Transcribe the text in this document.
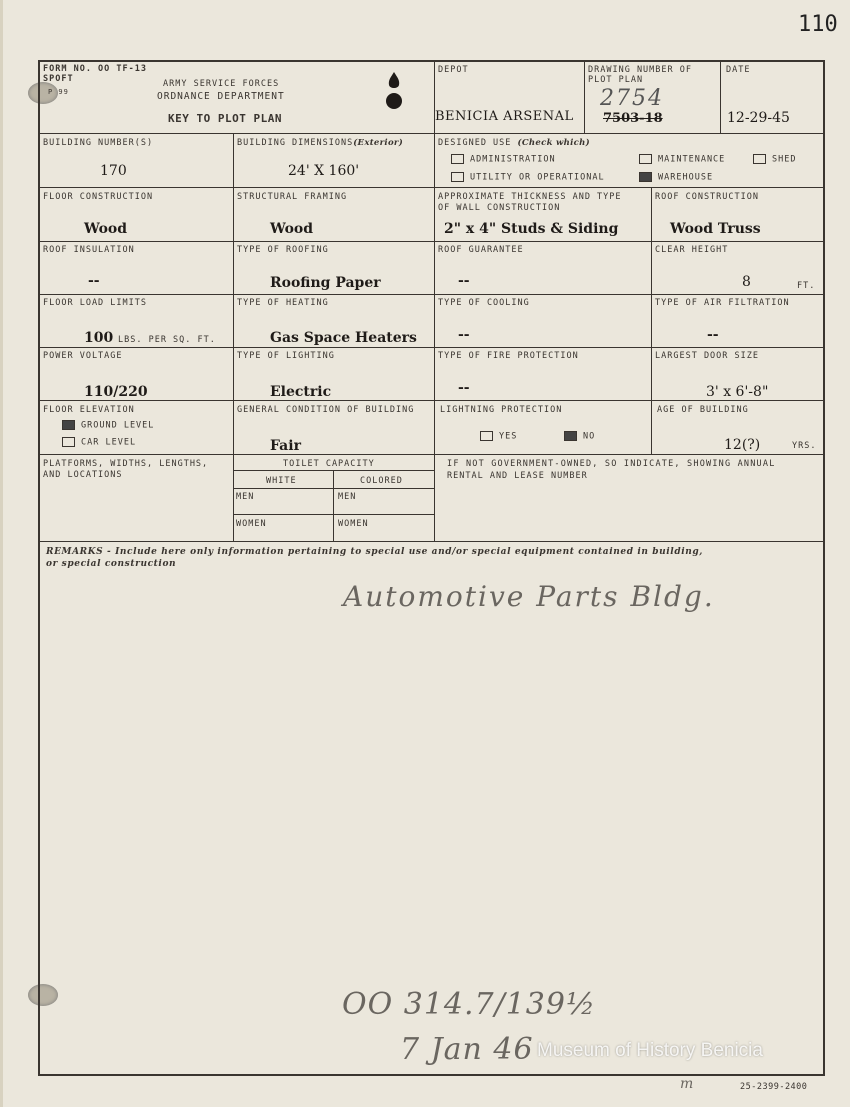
110
FORM NO. OO TF-13
SPOFT
P 99
ARMY SERVICE FORCES
ORDNANCE DEPARTMENT
KEY TO PLOT PLAN
DEPOT
BENICIA ARSENAL
DRAWING NUMBER OF
PLOT PLAN
2754
7503-18
DATE
12-29-45
BUILDING NUMBER(S)
170
BUILDING DIMENSIONS(Exterior)
24' X 160'
DESIGNED USE (Check which)
ADMINISTRATION	MAINTENANCE	SHED
UTILITY OR OPERATIONAL	WAREHOUSE
FLOOR CONSTRUCTION
Wood
STRUCTURAL FRAMING
Wood
APPROXIMATE THICKNESS AND TYPE
OF WALL CONSTRUCTION
2" x 4" Studs & Siding
ROOF CONSTRUCTION
Wood Truss
ROOF INSULATION
--
TYPE OF ROOFING
Roofing Paper
ROOF GUARANTEE
--
CLEAR HEIGHT
8	FT.
FLOOR LOAD LIMITS
100 LBS. PER SQ. FT.
TYPE OF HEATING
Gas Space Heaters
TYPE OF COOLING
--
TYPE OF AIR FILTRATION
--
POWER VOLTAGE
110/220
TYPE OF LIGHTING
Electric
TYPE OF FIRE PROTECTION
--
LARGEST DOOR SIZE
3' x 6'-8"
FLOOR ELEVATION
GROUND LEVEL
CAR LEVEL
GENERAL CONDITION OF BUILDING
Fair
LIGHTNING PROTECTION
YES	NO
AGE OF BUILDING
12(?)	YRS.
PLATFORMS, WIDTHS, LENGTHS,
AND LOCATIONS
TOILET CAPACITY
WHITE	COLORED
MEN	MEN
WOMEN	WOMEN
IF NOT GOVERNMENT-OWNED, SO INDICATE, SHOWING ANNUAL
RENTAL AND LEASE NUMBER
REMARKS - Include here only information pertaining to special use and/or special equipment contained in building,
or special construction
Automotive Parts Bldg.
OO 314.7/139½
7 Jan 46 Museum of History Benicia
m	25-2399-2400
